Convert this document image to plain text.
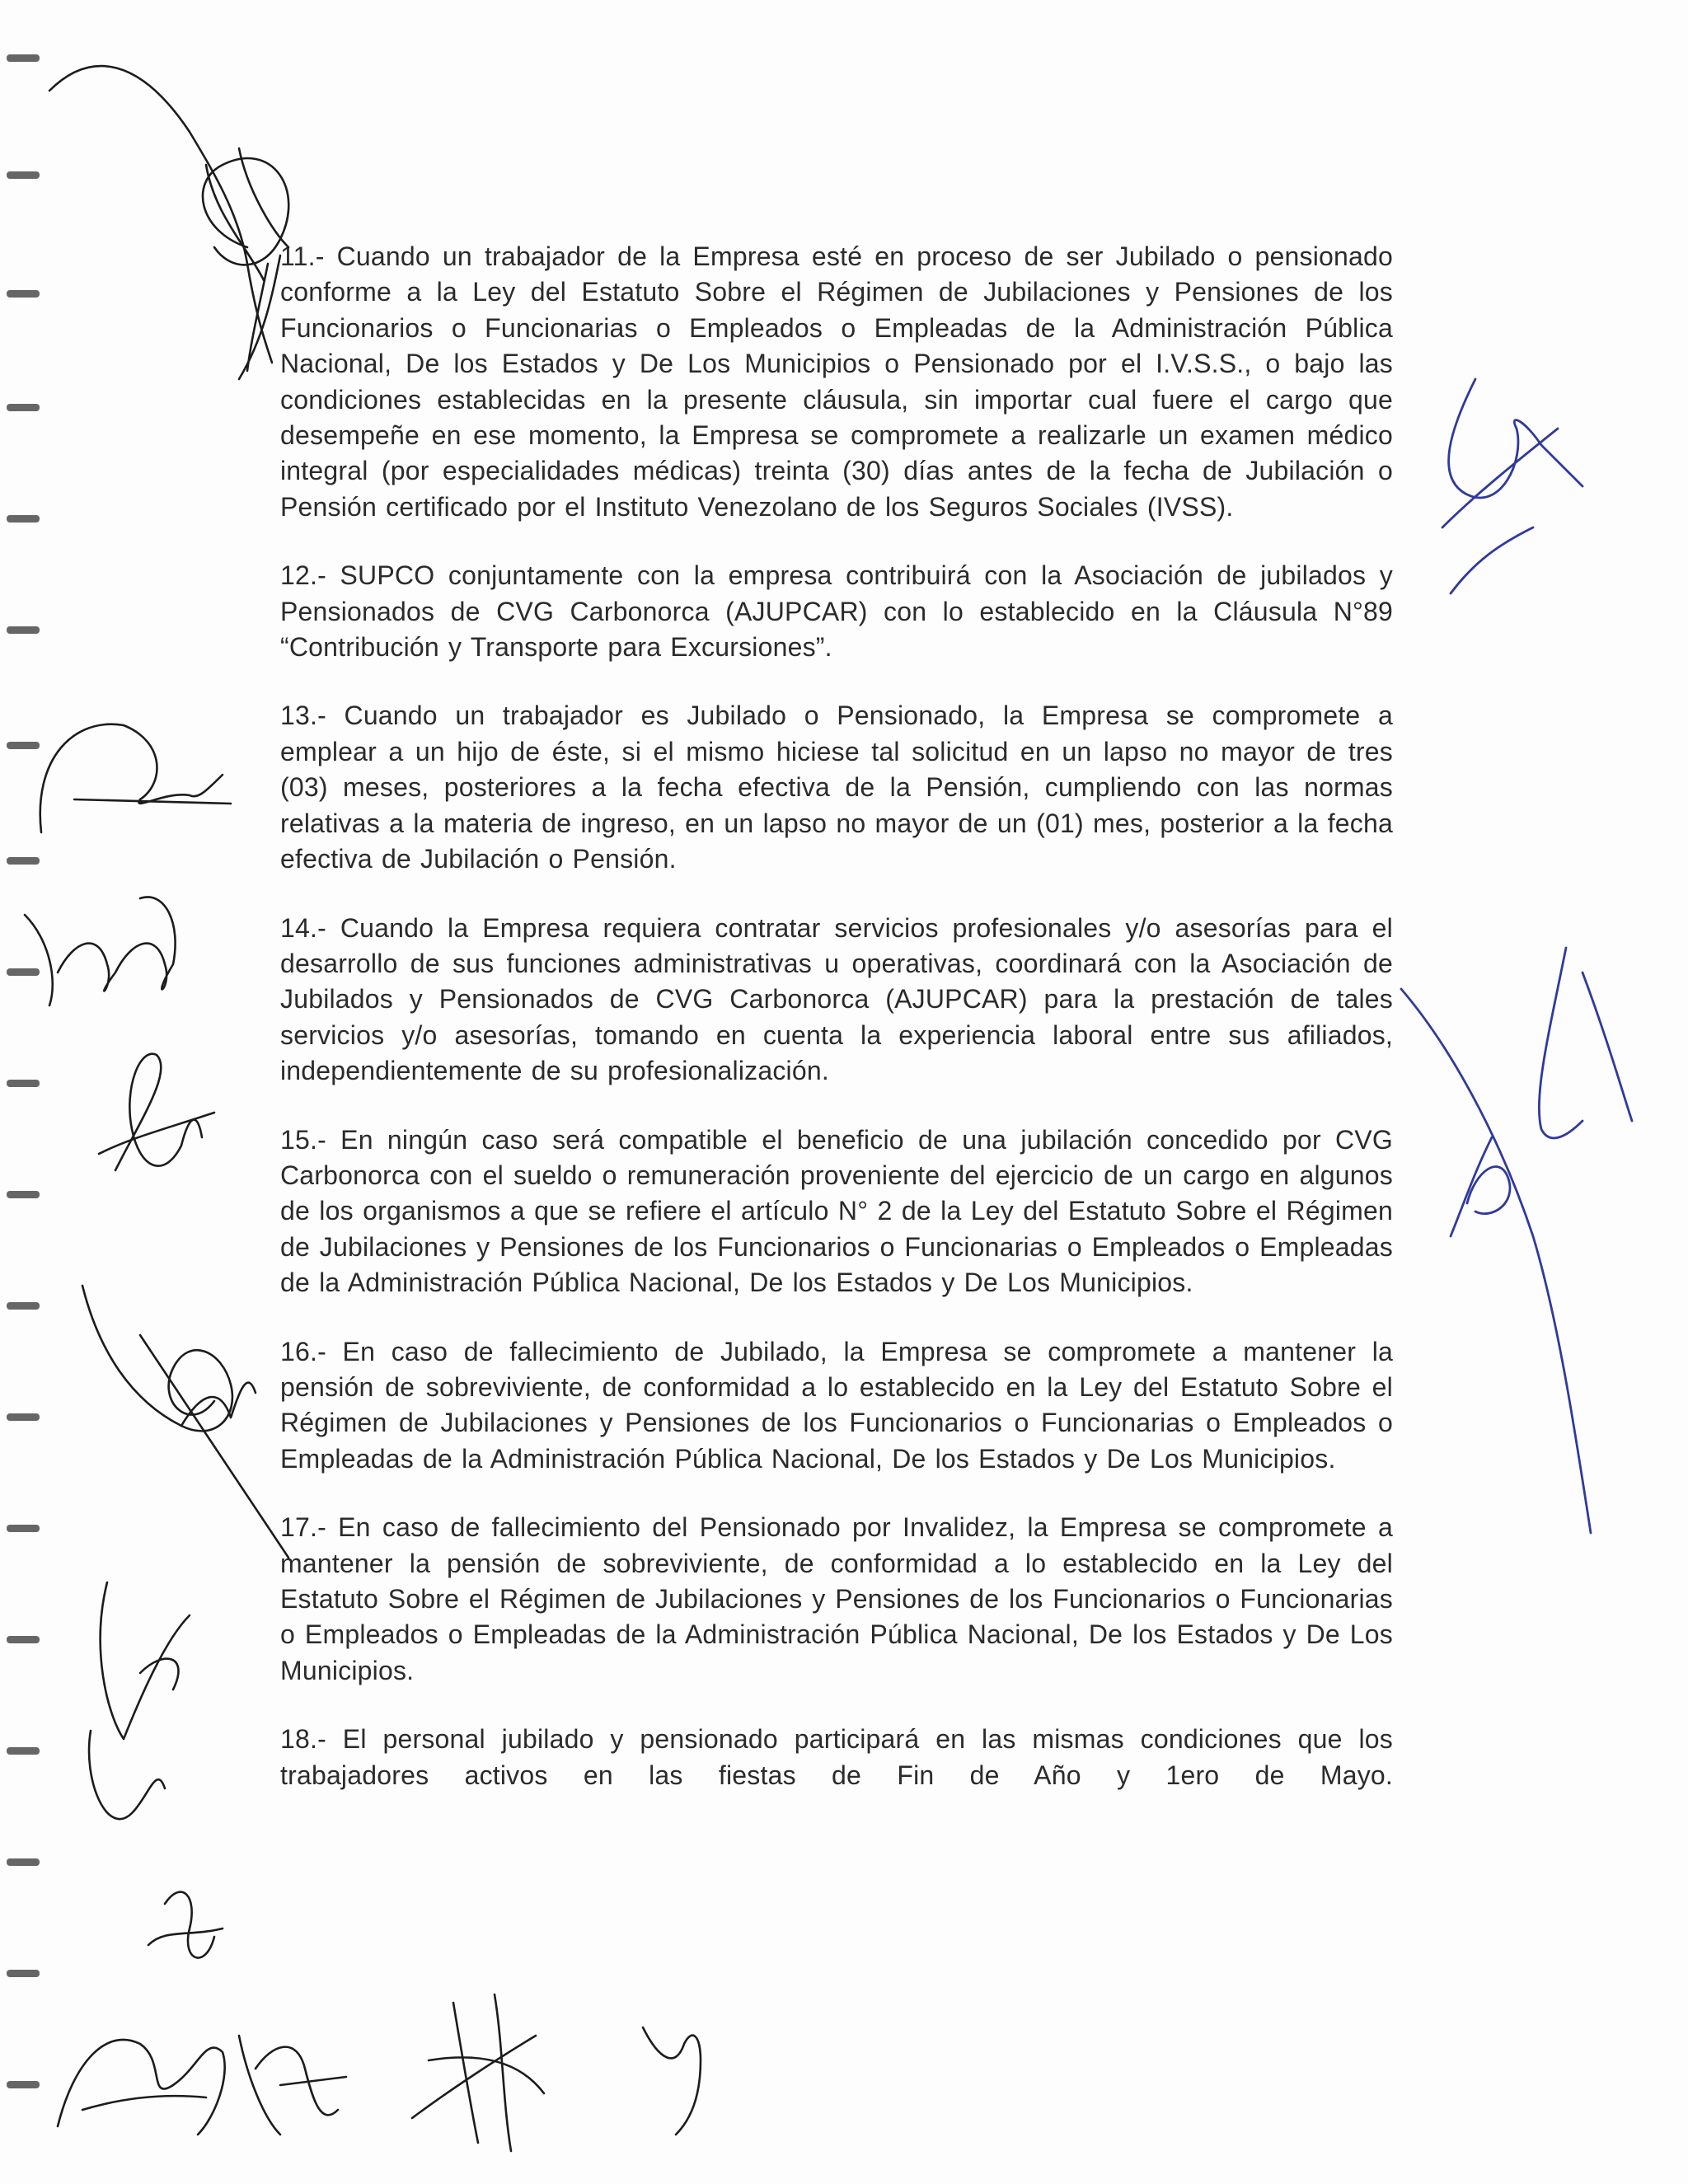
11.- Cuando un trabajador de la Empresa esté en proceso de ser Jubilado o pensionado conforme a la Ley del Estatuto Sobre el Régimen de Jubilaciones y Pensiones de los Funcionarios o Funcionarias o Empleados o Empleadas de la Administración Pública Nacional, De los Estados y De Los Municipios o Pensionado por el I.V.S.S., o bajo las condiciones establecidas en la presente cláusula, sin importar cual fuere el cargo que desempeñe en ese momento, la Empresa se compromete a realizarle un examen médico integral (por especialidades médicas) treinta (30) días antes de la fecha de Jubilación o Pensión certificado por el Instituto Venezolano de los Seguros Sociales (IVSS).

12.- SUPCO conjuntamente con la empresa contribuirá con la Asociación de jubilados y Pensionados de CVG Carbonorca (AJUPCAR) con lo establecido en la Cláusula N°89 “Contribución y Transporte para Excursiones”.

13.- Cuando un trabajador es Jubilado o Pensionado, la Empresa se compromete a emplear a un hijo de éste, si el mismo hiciese tal solicitud en un lapso no mayor de tres (03) meses, posteriores a la fecha efectiva de la Pensión, cumpliendo con las normas relativas a la materia de ingreso, en un lapso no mayor de un (01) mes, posterior a la fecha efectiva de Jubilación o Pensión.

14.- Cuando la Empresa requiera contratar servicios profesionales y/o asesorías para el desarrollo de sus funciones administrativas u operativas, coordinará con la Asociación de Jubilados y Pensionados de CVG Carbonorca (AJUPCAR) para la prestación de tales servicios y/o asesorías, tomando en cuenta la experiencia laboral entre sus afiliados, independientemente de su profesionalización.

15.- En ningún caso será compatible el beneficio de una jubilación concedido por CVG Carbonorca con el sueldo o remuneración proveniente del ejercicio de un cargo en algunos de los organismos a que se refiere el artículo N° 2 de la Ley del Estatuto Sobre el Régimen de Jubilaciones y Pensiones de los Funcionarios o Funcionarias o Empleados o Empleadas de la Administración Pública Nacional, De los Estados y De Los Municipios.

16.- En caso de fallecimiento de Jubilado, la Empresa se compromete a mantener la pensión de sobreviviente, de conformidad a lo establecido en la Ley del Estatuto Sobre el Régimen de Jubilaciones y Pensiones de los Funcionarios o Funcionarias o Empleados o Empleadas de la Administración Pública Nacional, De los Estados y De Los Municipios.

17.- En caso de fallecimiento del Pensionado por Invalidez, la Empresa se compromete a mantener la pensión de sobreviviente, de conformidad a lo establecido en la Ley del Estatuto Sobre el Régimen de Jubilaciones y Pensiones de los Funcionarios o Funcionarias o Empleados o Empleadas de la Administración Pública Nacional, De los Estados y De Los Municipios.

18.- El personal jubilado y pensionado participará en las mismas condiciones que los trabajadores activos en las fiestas de Fin de Año y 1ero de Mayo.
